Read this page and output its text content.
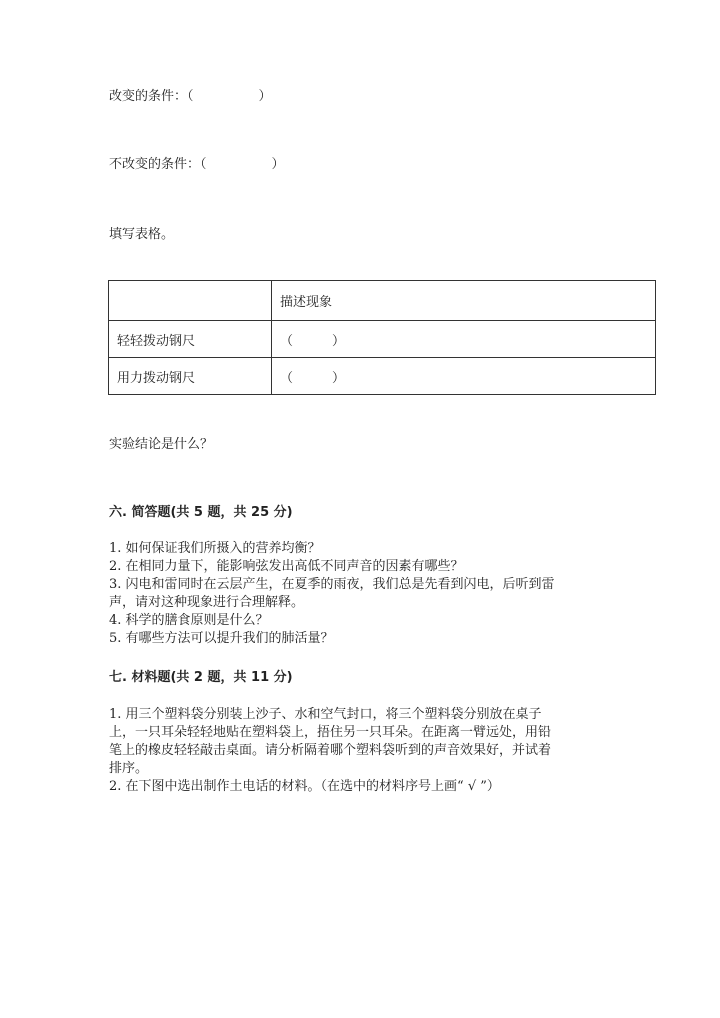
改变的条件：（　　　　　）
不改变的条件：（　　　　　）
填写表格。
	描述现象
轻轻拨动钢尺	（　　　）
用力拨动钢尺	（　　　）
实验结论是什么？
六. 简答题(共 5 题，共 25 分)
1. 如何保证我们所摄入的营养均衡？
2. 在相同力量下，能影响弦发出高低不同声音的因素有哪些？
3. 闪电和雷同时在云层产生，在夏季的雨夜，我们总是先看到闪电，后听到雷
声，请对这种现象进行合理解释。
4. 科学的膳食原则是什么？
5. 有哪些方法可以提升我们的肺活量？
七. 材料题(共 2 题，共 11 分)
1. 用三个塑料袋分别装上沙子、水和空气封口，将三个塑料袋分别放在桌子
上，一只耳朵轻轻地贴在塑料袋上，捂住另一只耳朵。在距离一臂远处，用铅
笔上的橡皮轻轻敲击桌面。请分析隔着哪个塑料袋听到的声音效果好，并试着
排序。
2. 在下图中选出制作土电话的材料。（在选中的材料序号上画“ √ ”）
